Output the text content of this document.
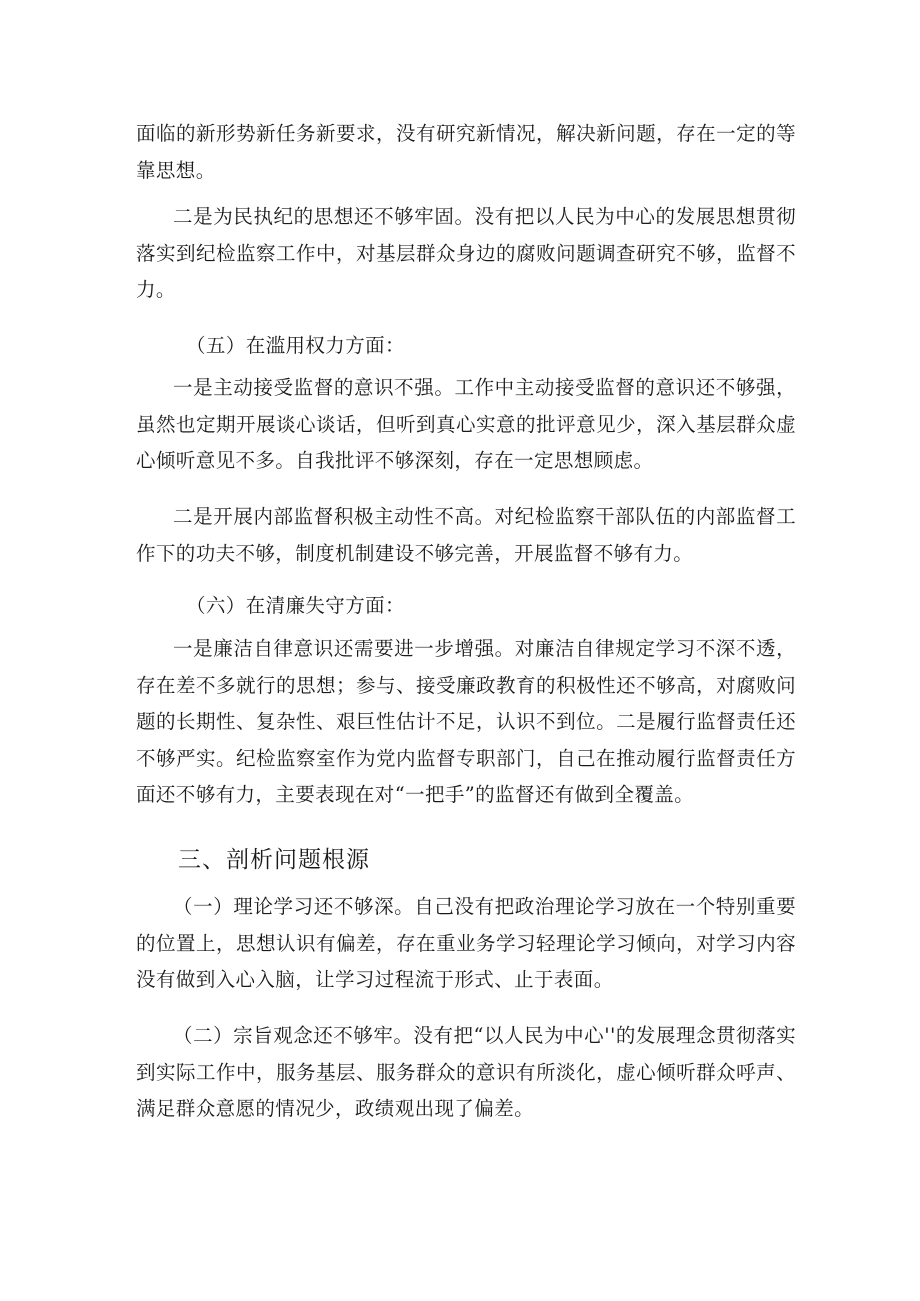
面临的新形势新任务新要求，没有研究新情况，解决新问题，存在一定的等靠思想。

二是为民执纪的思想还不够牢固。没有把以人民为中心的发展思想贯彻落实到纪检监察工作中，对基层群众身边的腐败问题调查研究不够，监督不力。

（五）在滥用权力方面：

一是主动接受监督的意识不强。工作中主动接受监督的意识还不够强，虽然也定期开展谈心谈话，但听到真心实意的批评意见少，深入基层群众虚心倾听意见不多。自我批评不够深刻，存在一定思想顾虑。

二是开展内部监督积极主动性不高。对纪检监察干部队伍的内部监督工作下的功夫不够，制度机制建设不够完善，开展监督不够有力。

（六）在清廉失守方面：

一是廉洁自律意识还需要进一步增强。对廉洁自律规定学习不深不透，存在差不多就行的思想；参与、接受廉政教育的积极性还不够高，对腐败问题的长期性、复杂性、艰巨性估计不足，认识不到位。二是履行监督责任还不够严实。纪检监察室作为党内监督专职部门，自己在推动履行监督责任方面还不够有力，主要表现在对“一把手”的监督还有做到全覆盖。

三、剖析问题根源

（一）理论学习还不够深。自己没有把政治理论学习放在一个特别重要的位置上，思想认识有偏差，存在重业务学习轻理论学习倾向，对学习内容没有做到入心入脑，让学习过程流于形式、止于表面。

（二）宗旨观念还不够牢。没有把“以人民为中心''的发展理念贯彻落实到实际工作中，服务基层、服务群众的意识有所淡化，虚心倾听群众呼声、满足群众意愿的情况少，政绩观出现了偏差。
